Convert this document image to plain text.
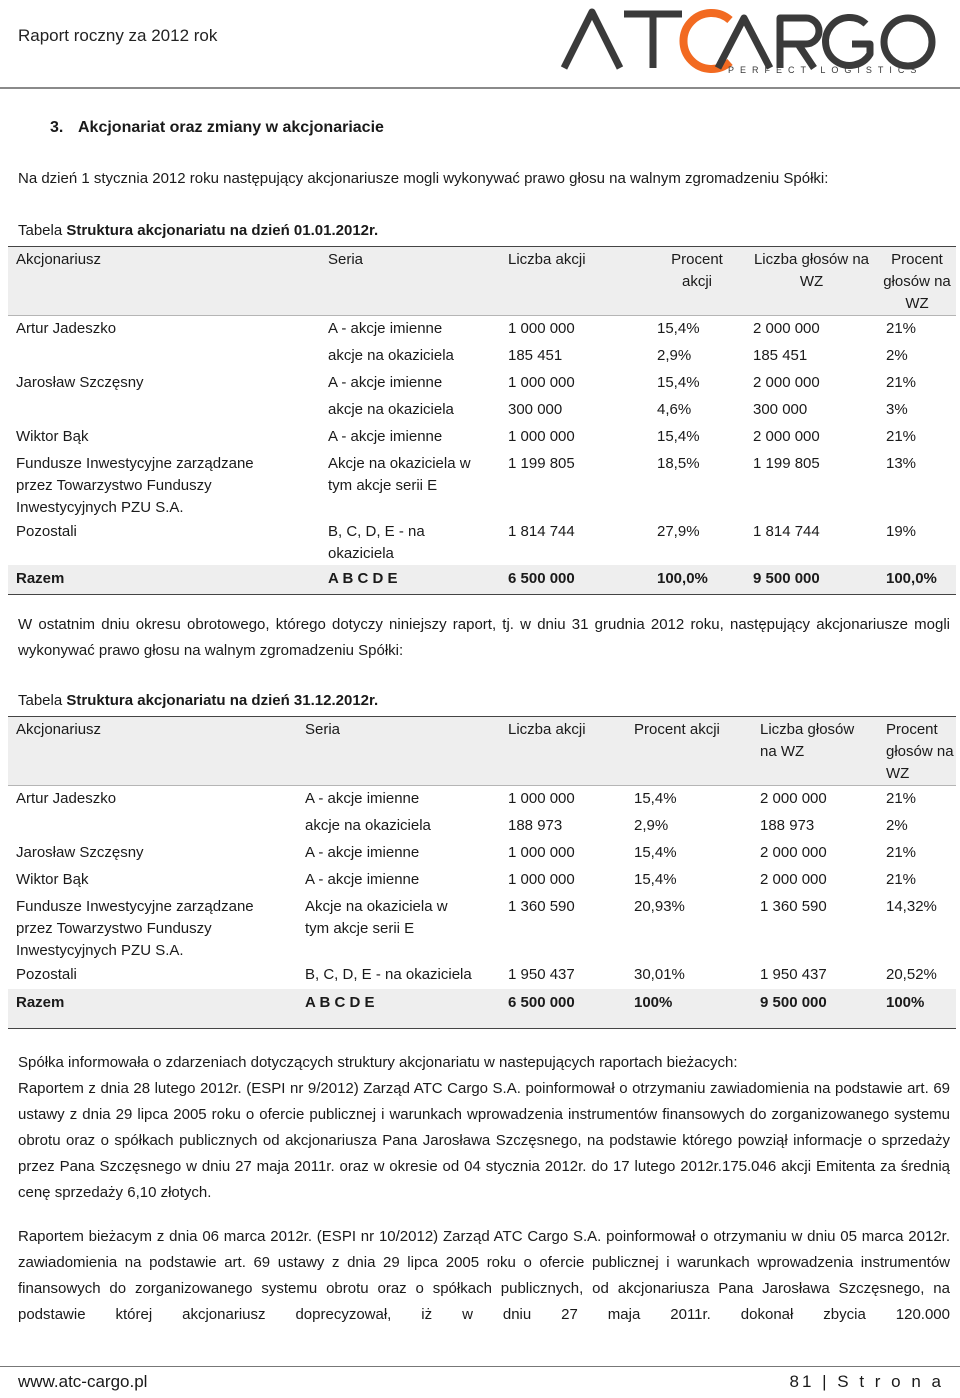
Raport roczny za 2012 rok
PERFECT LOGISTICS
3. Akcjonariat oraz zmiany w akcjonariacie
Na dzień 1 stycznia 2012 roku następujący akcjonariusze mogli wykonywać prawo głosu na walnym zgromadzeniu Spółki:
Tabela Struktura akcjonariatu na dzień 01.01.2012r.
Akcjonariusz	Seria	Liczba akcji	Procent akcji	Liczba głosów na WZ	Procent głosów na WZ
Artur Jadeszko	A - akcje imienne	1 000 000	15,4%	2 000 000	21%
	akcje na okaziciela	185 451	2,9%	185 451	2%
Jarosław Szczęsny	A - akcje imienne	1 000 000	15,4%	2 000 000	21%
	akcje na okaziciela	300 000	4,6%	300 000	3%
Wiktor Bąk	A - akcje imienne	1 000 000	15,4%	2 000 000	21%
Fundusze Inwestycyjne zarządzane przez Towarzystwo Funduszy Inwestycyjnych PZU S.A.	Akcje na okaziciela w tym akcje serii E	1 199 805	18,5%	1 199 805	13%
Pozostali	B, C, D, E - na okaziciela	1 814 744	27,9%	1 814 744	19%
Razem	A B C D E	6 500 000	100,0%	9 500 000	100,0%
W ostatnim dniu okresu obrotowego, którego dotyczy niniejszy raport, tj. w dniu 31 grudnia 2012 roku, następujący akcjonariusze mogli wykonywać prawo głosu na walnym zgromadzeniu Spółki:
Tabela Struktura akcjonariatu na dzień 31.12.2012r.
Akcjonariusz	Seria	Liczba akcji	Procent akcji	Liczba głosów na WZ	Procent głosów na WZ
Artur Jadeszko	A - akcje imienne	1 000 000	15,4%	2 000 000	21%
	akcje na okaziciela	188 973	2,9%	188 973	2%
Jarosław Szczęsny	A - akcje imienne	1 000 000	15,4%	2 000 000	21%
Wiktor Bąk	A - akcje imienne	1 000 000	15,4%	2 000 000	21%
Fundusze Inwestycyjne zarządzane przez Towarzystwo Funduszy Inwestycyjnych PZU S.A.	Akcje na okaziciela w tym akcje serii E	1 360 590	20,93%	1 360 590	14,32%
Pozostali	B, C, D, E - na okaziciela	1 950 437	30,01%	1 950 437	20,52%
Razem	A B C D E	6 500 000	100%	9 500 000	100%
Spółka informowała o zdarzeniach dotyczących struktury akcjonariatu w nastepujących raportach bieżacych:
Raportem z dnia 28 lutego 2012r. (ESPI nr 9/2012) Zarząd ATC Cargo S.A. poinformował o otrzymaniu zawiadomienia na podstawie art. 69 ustawy z dnia 29 lipca 2005 roku o ofercie publicznej i warunkach wprowadzenia instrumentów finansowych do zorganizowanego systemu obrotu oraz o spółkach publicznych od akcjonariusza Pana Jarosława Szczęsnego, na podstawie którego powziął informacje o sprzedaży przez Pana Szczęsnego w dniu 27 maja 2011r. oraz w okresie od 04 stycznia 2012r. do 17 lutego 2012r.175.046 akcji Emitenta za średnią cenę sprzedaży 6,10 złotych.
Raportem bieżacym z dnia 06 marca 2012r. (ESPI nr 10/2012) Zarząd ATC Cargo S.A. poinformował o otrzymaniu w dniu 05 marca 2012r. zawiadomienia na podstawie art. 69 ustawy z dnia 29 lipca 2005 roku o ofercie publicznej i warunkach wprowadzenia instrumentów finansowych do zorganizowanego systemu obrotu oraz o spółkach publicznych, od akcjonariusza Pana Jarosława Szczęsnego, na podstawie której akcjonariusz doprecyzował, iż w dniu 27 maja 2011r. dokonał zbycia 120.000
www.atc-cargo.pl	81 | S t r o n a
